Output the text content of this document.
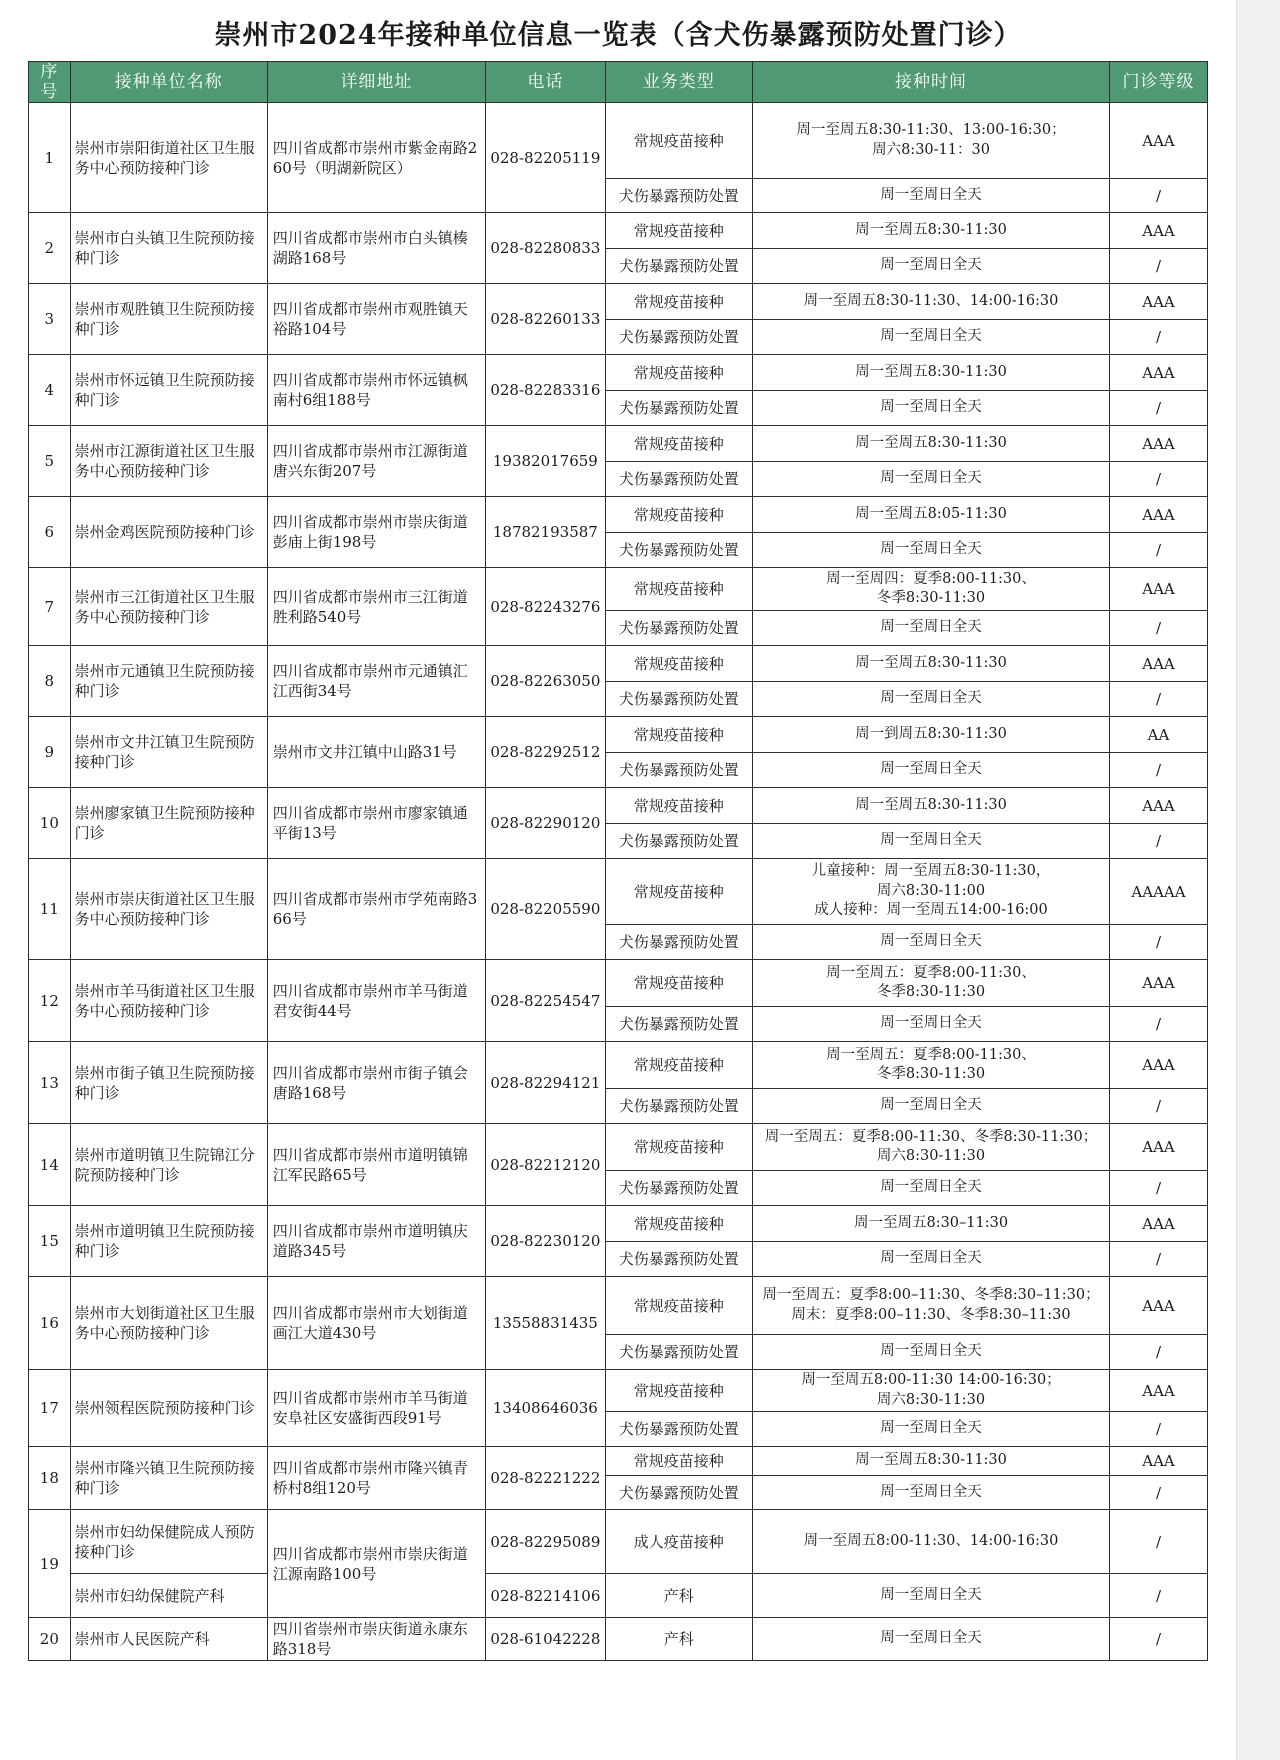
崇州市2024年接种单位信息一览表（含犬伤暴露预防处置门诊）
序号	接种单位名称	详细地址	电话	业务类型	接种时间	门诊等级
1	崇州市崇阳街道社区卫生服务中心预防接种门诊	四川省成都市崇州市紫金南路260号（明湖新院区）	028-82205119	常规疫苗接种	周一至周五8:30-11:30、13:00-16:30；
周六8:30-11：30	AAA
				犬伤暴露预防处置	周一至周日全天	/
2	崇州市白头镇卫生院预防接种门诊	四川省成都市崇州市白头镇楱湖路168号	028-82280833	常规疫苗接种	周一至周五8:30-11:30	AAA
				犬伤暴露预防处置	周一至周日全天	/
3	崇州市观胜镇卫生院预防接种门诊	四川省成都市崇州市观胜镇天裕路104号	028-82260133	常规疫苗接种	周一至周五8:30-11:30、14:00-16:30	AAA
				犬伤暴露预防处置	周一至周日全天	/
4	崇州市怀远镇卫生院预防接种门诊	四川省成都市崇州市怀远镇枫南村6组188号	028-82283316	常规疫苗接种	周一至周五8:30-11:30	AAA
				犬伤暴露预防处置	周一至周日全天	/
5	崇州市江源街道社区卫生服务中心预防接种门诊	四川省成都市崇州市江源街道唐兴东街207号	19382017659	常规疫苗接种	周一至周五8:30-11:30	AAA
				犬伤暴露预防处置	周一至周日全天	/
6	崇州金鸡医院预防接种门诊	四川省成都市崇州市崇庆街道彭庙上街198号	18782193587	常规疫苗接种	周一至周五8:05-11:30	AAA
				犬伤暴露预防处置	周一至周日全天	/
7	崇州市三江街道社区卫生服务中心预防接种门诊	四川省成都市崇州市三江街道胜利路540号	028-82243276	常规疫苗接种	周一至周四：夏季8:00-11:30、
冬季8:30-11:30	AAA
				犬伤暴露预防处置	周一至周日全天	/
8	崇州市元通镇卫生院预防接种门诊	四川省成都市崇州市元通镇汇江西街34号	028-82263050	常规疫苗接种	周一至周五8:30-11:30	AAA
				犬伤暴露预防处置	周一至周日全天	/
9	崇州市文井江镇卫生院预防接种门诊	崇州市文井江镇中山路31号	028-82292512	常规疫苗接种	周一到周五8:30-11:30	AA
				犬伤暴露预防处置	周一至周日全天	/
10	崇州廖家镇卫生院预防接种门诊	四川省成都市崇州市廖家镇通平街13号	028-82290120	常规疫苗接种	周一至周五8:30-11:30	AAA
				犬伤暴露预防处置	周一至周日全天	/
11	崇州市崇庆街道社区卫生服务中心预防接种门诊	四川省成都市崇州市学苑南路366号	028-82205590	常规疫苗接种	儿童接种：周一至周五8:30-11:30，
周六8:30-11:00
成人接种：周一至周五14:00-16:00	AAAAA
				犬伤暴露预防处置	周一至周日全天	/
12	崇州市羊马街道社区卫生服务中心预防接种门诊	四川省成都市崇州市羊马街道君安街44号	028-82254547	常规疫苗接种	周一至周五：夏季8:00-11:30、
冬季8:30-11:30	AAA
				犬伤暴露预防处置	周一至周日全天	/
13	崇州市街子镇卫生院预防接种门诊	四川省成都市崇州市街子镇会唐路168号	028-82294121	常规疫苗接种	周一至周五：夏季8:00-11:30、
冬季8:30-11:30	AAA
				犬伤暴露预防处置	周一至周日全天	/
14	崇州市道明镇卫生院锦江分院预防接种门诊	四川省成都市崇州市道明镇锦江军民路65号	028-82212120	常规疫苗接种	周一至周五：夏季8:00-11:30、冬季8:30-11:30；
周六8:30-11:30	AAA
				犬伤暴露预防处置	周一至周日全天	/
15	崇州市道明镇卫生院预防接种门诊	四川省成都市崇州市道明镇庆道路345号	028-82230120	常规疫苗接种	周一至周五8:30–11:30	AAA
				犬伤暴露预防处置	周一至周日全天	/
16	崇州市大划街道社区卫生服务中心预防接种门诊	四川省成都市崇州市大划街道画江大道430号	13558831435	常规疫苗接种	周一至周五：夏季8:00–11:30、冬季8:30–11:30；
周末：夏季8:00–11:30、冬季8:30–11:30	AAA
				犬伤暴露预防处置	周一至周日全天	/
17	崇州领程医院预防接种门诊	四川省成都市崇州市羊马街道安阜社区安盛街西段91号	13408646036	常规疫苗接种	周一至周五8:00-11:30 14:00-16:30；
周六8:30-11:30	AAA
				犬伤暴露预防处置	周一至周日全天	/
18	崇州市隆兴镇卫生院预防接种门诊	四川省成都市崇州市隆兴镇青桥村8组120号	028-82221222	常规疫苗接种	周一至周五8:30-11:30	AAA
				犬伤暴露预防处置	周一至周日全天	/
19	崇州市妇幼保健院成人预防接种门诊	四川省成都市崇州市崇庆街道江源南路100号	028-82295089	成人疫苗接种	周一至周五8:00-11:30、14:00-16:30	/
	崇州市妇幼保健院产科		028-82214106	产科	周一至周日全天	/
20	崇州市人民医院产科	四川省崇州市崇庆街道永康东路318号	028-61042228	产科	周一至周日全天	/
